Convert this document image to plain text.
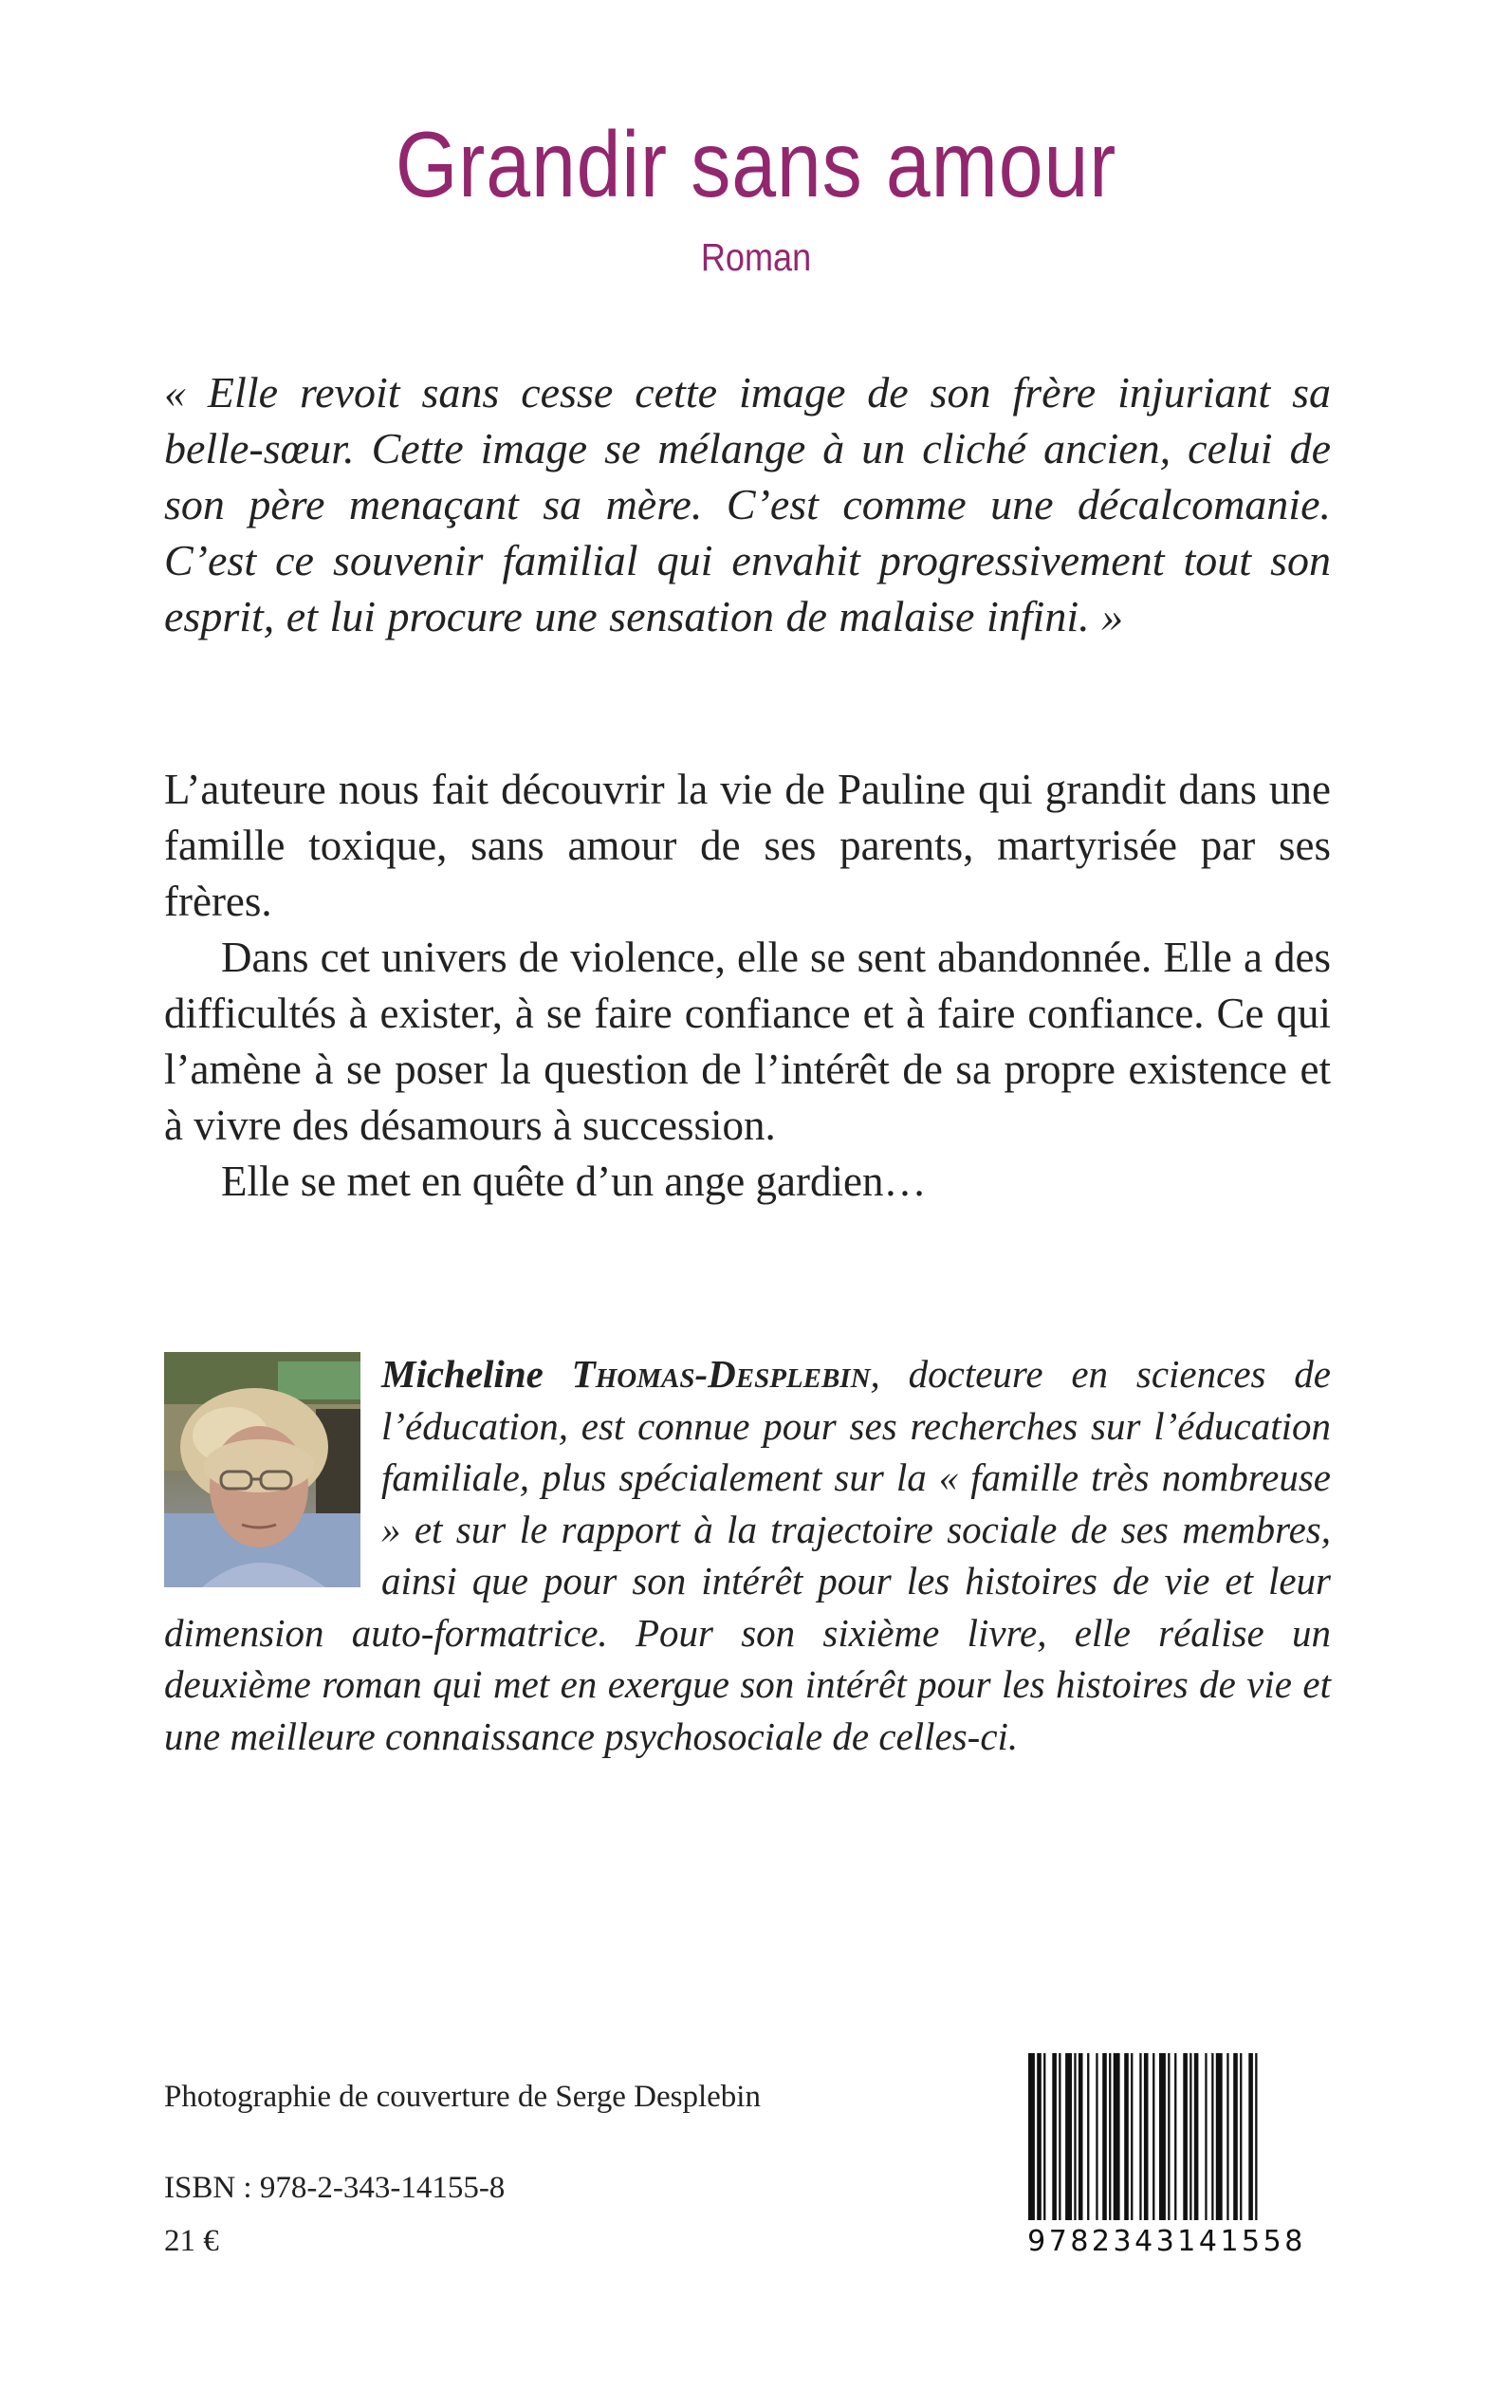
Grandir sans amour
Roman

« Elle revoit sans cesse cette image de son frère injuriant sa belle-sœur. Cette image se mélange à un cliché ancien, celui de son père menaçant sa mère. C’est comme une décalcomanie. C’est ce souvenir familial qui envahit progressivement tout son esprit, et lui procure une sensation de malaise infini. »

L’auteure nous fait découvrir la vie de Pauline qui grandit dans une famille toxique, sans amour de ses parents, martyrisée par ses frères.

Dans cet univers de violence, elle se sent abandonnée. Elle a des difficultés à exister, à se faire confiance et à faire confiance. Ce qui l’amène à se poser la question de l’intérêt de sa propre existence et à vivre des désamours à succession.

Elle se met en quête d’un ange gardien…

Micheline Thomas-Desplebin, docteure en sciences de l’éducation, est connue pour ses recherches sur l’éducation familiale, plus spécialement sur la « famille très nombreuse » et sur le rapport à la trajectoire sociale de ses membres, ainsi que pour son intérêt pour les histoires de vie et leur dimension auto-formatrice. Pour son sixième livre, elle réalise un deuxième roman qui met en exergue son intérêt pour les histoires de vie et une meilleure connaissance psychosociale de celles-ci.
Photographie de couverture de Serge Desplebin
ISBN : 978-2-343-14155-8
21 €	9782343141558
